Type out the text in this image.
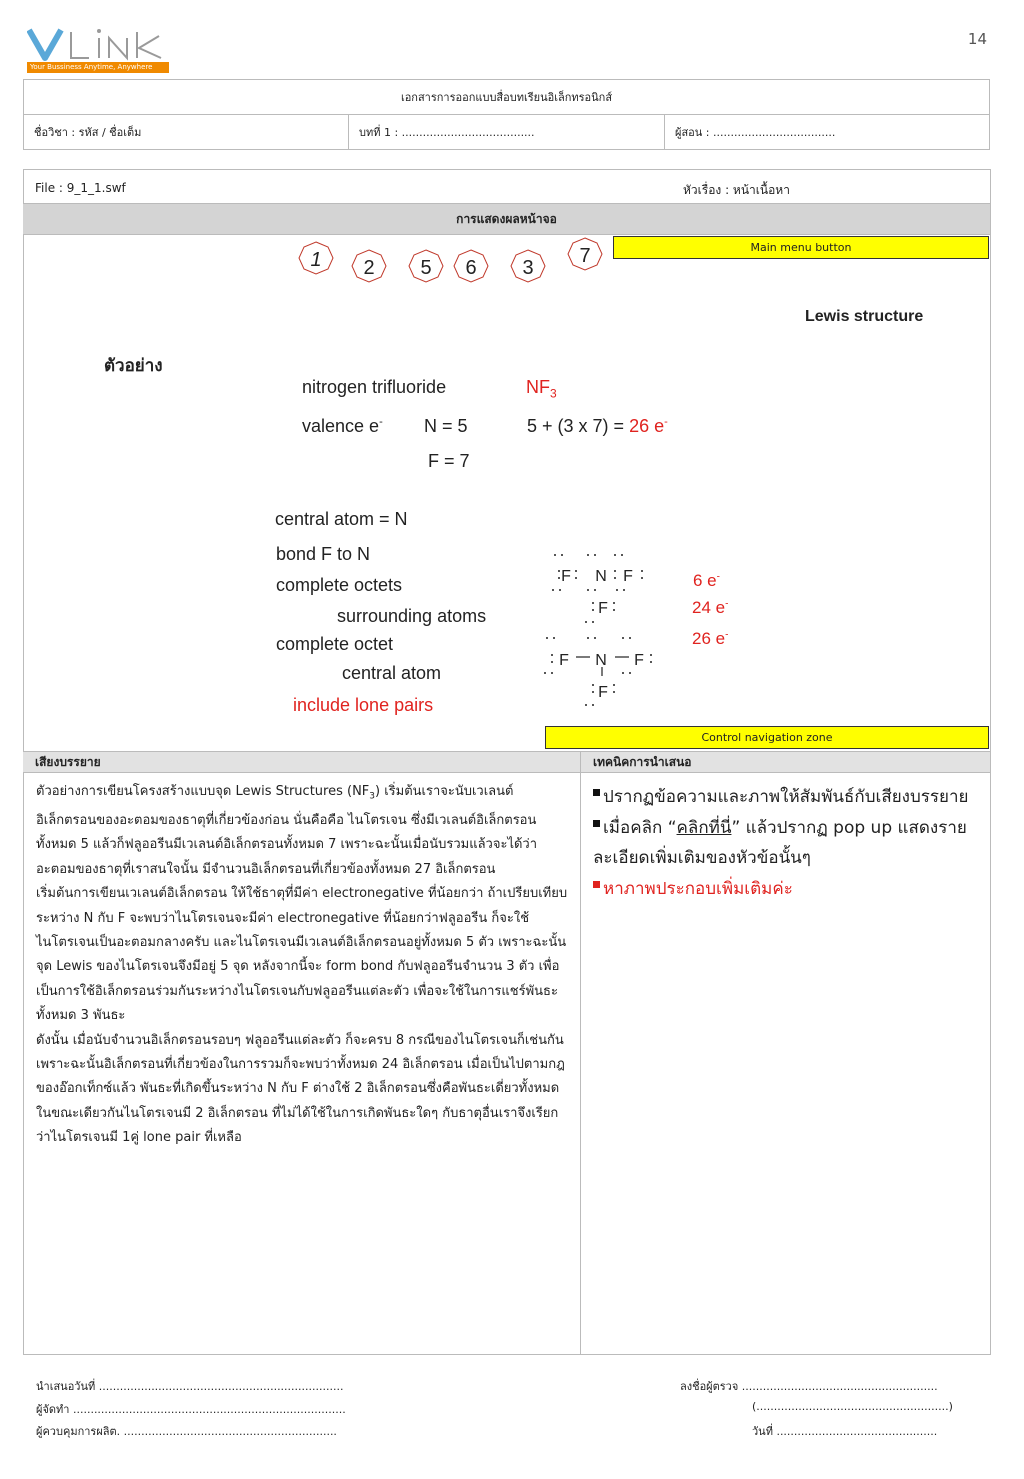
14
Your Bussiness Anytime, Anywhere
เอกสารการออกแบบสื่อบทเรียนอิเล็กทรอนิกส์
ชื่อวิชา : รหัส / ชื่อเต็ม	บทที่ 1 : ......................................	ผู้สอน : ...................................
File : 9_1_1.swf	หัวเรื่อง : หน้าเนื้อหา
การแสดงผลหน้าจอ
Main menu button
1 2 5 6 3
7
Lewis structure
ตัวอย่าง
nitrogen trifluoride	$NF_3$
valence e- N = 5	5 + (3 x 7) = 26 e-
F = 7
central atom = N
bond F to N
complete octets
surrounding atoms
complete octet
central atom
include lone pairs
6 e-
24 e-
26 e-
F N F
F
F N F
F
Control navigation zone
เสียงบรรยาย	เทคนิคการนำเสนอ

ตัวอย่างการเขียนโครงสร้างแบบจุด Lewis Structures $(NF_3)$ เริ่มต้นเราจะนับเวเลนต์อิเล็กตรอนของอะตอมของธาตุที่เกี่ยวข้องก่อน นั่นคือคือ ไนโตรเจน ซึ่งมีเวเลนต์อิเล็กตรอนทั้งหมด 5 แล้วก็ฟลูออรีนมีเวเลนต์อิเล็กตรอนทั้งหมด 7 เพราะฉะนั้นเมื่อนับรวมแล้วจะได้ว่าอะตอมของธาตุที่เราสนใจนั้น มีจำนวนอิเล็กตรอนที่เกี่ยวข้องทั้งหมด 27 อิเล็กตรอน

เริ่มต้นการเขียนเวเลนต์อิเล็กตรอน ให้ใช้ธาตุที่มีค่า electronegative ที่น้อยกว่า ถ้าเปรียบเทียบระหว่าง N กับ F จะพบว่าไนโตรเจนจะมีค่า electronegative ที่น้อยกว่าฟลูออรีน ก็จะใช้ไนโตรเจนเป็นอะตอมกลางครับ และไนโตรเจนมีเวเลนต์อิเล็กตรอนอยู่ทั้งหมด 5 ตัว เพราะฉะนั้นจุด Lewis ของไนโตรเจนจึงมีอยู่ 5 จุด หลังจากนี้จะ form bond กับฟลูออรีนจำนวน 3 ตัว เพื่อเป็นการใช้อิเล็กตรอนร่วมกันระหว่างไนโตรเจนกับฟลูออรีนแต่ละตัว เพื่อจะใช้ในการแชร์พันธะทั้งหมด 3 พันธะ

ดังนั้น เมื่อนับจำนวนอิเล็กตรอนรอบๆ ฟลูออรีนแต่ละตัว ก็จะครบ 8 กรณีของไนโตรเจนก็เช่นกัน เพราะฉะนั้นอิเล็กตรอนที่เกี่ยวข้องในการรวมก็จะพบว่าทั้งหมด 24 อิเล็กตรอน เมื่อเป็นไปตามกฎของอ๊อกเท็กซ์แล้ว พันธะที่เกิดขึ้นระหว่าง N กับ F ต่างใช้ 2 อิเล็กตรอนซึ่งคือพันธะเดี่ยวทั้งหมด ในขณะเดียวกันไนโตรเจนมี 2 อิเล็กตรอน ที่ไม่ได้ใช้ในการเกิดพันธะใดๆ กับธาตุอื่นเราจึงเรียกว่าไนโตรเจนมี 1คู่ lone pair ที่เหลือ

ปรากฏข้อความและภาพให้สัมพันธ์กับเสียงบรรยาย

เมื่อคลิก “คลิกที่นี่” แล้วปรากฏ pop up แสดงรายละเอียดเพิ่มเติมของหัวข้อนั้นๆ

หาภาพประกอบเพิ่มเติมค่ะ

นำเสนอวันที่ ......................................................................
ผู้จัดทำ ..............................................................................
ผู้ควบคุมการผลิต. .............................................................
ลงชื่อผู้ตรวจ ........................................................
(.......................................................)
วันที่ ..............................................
